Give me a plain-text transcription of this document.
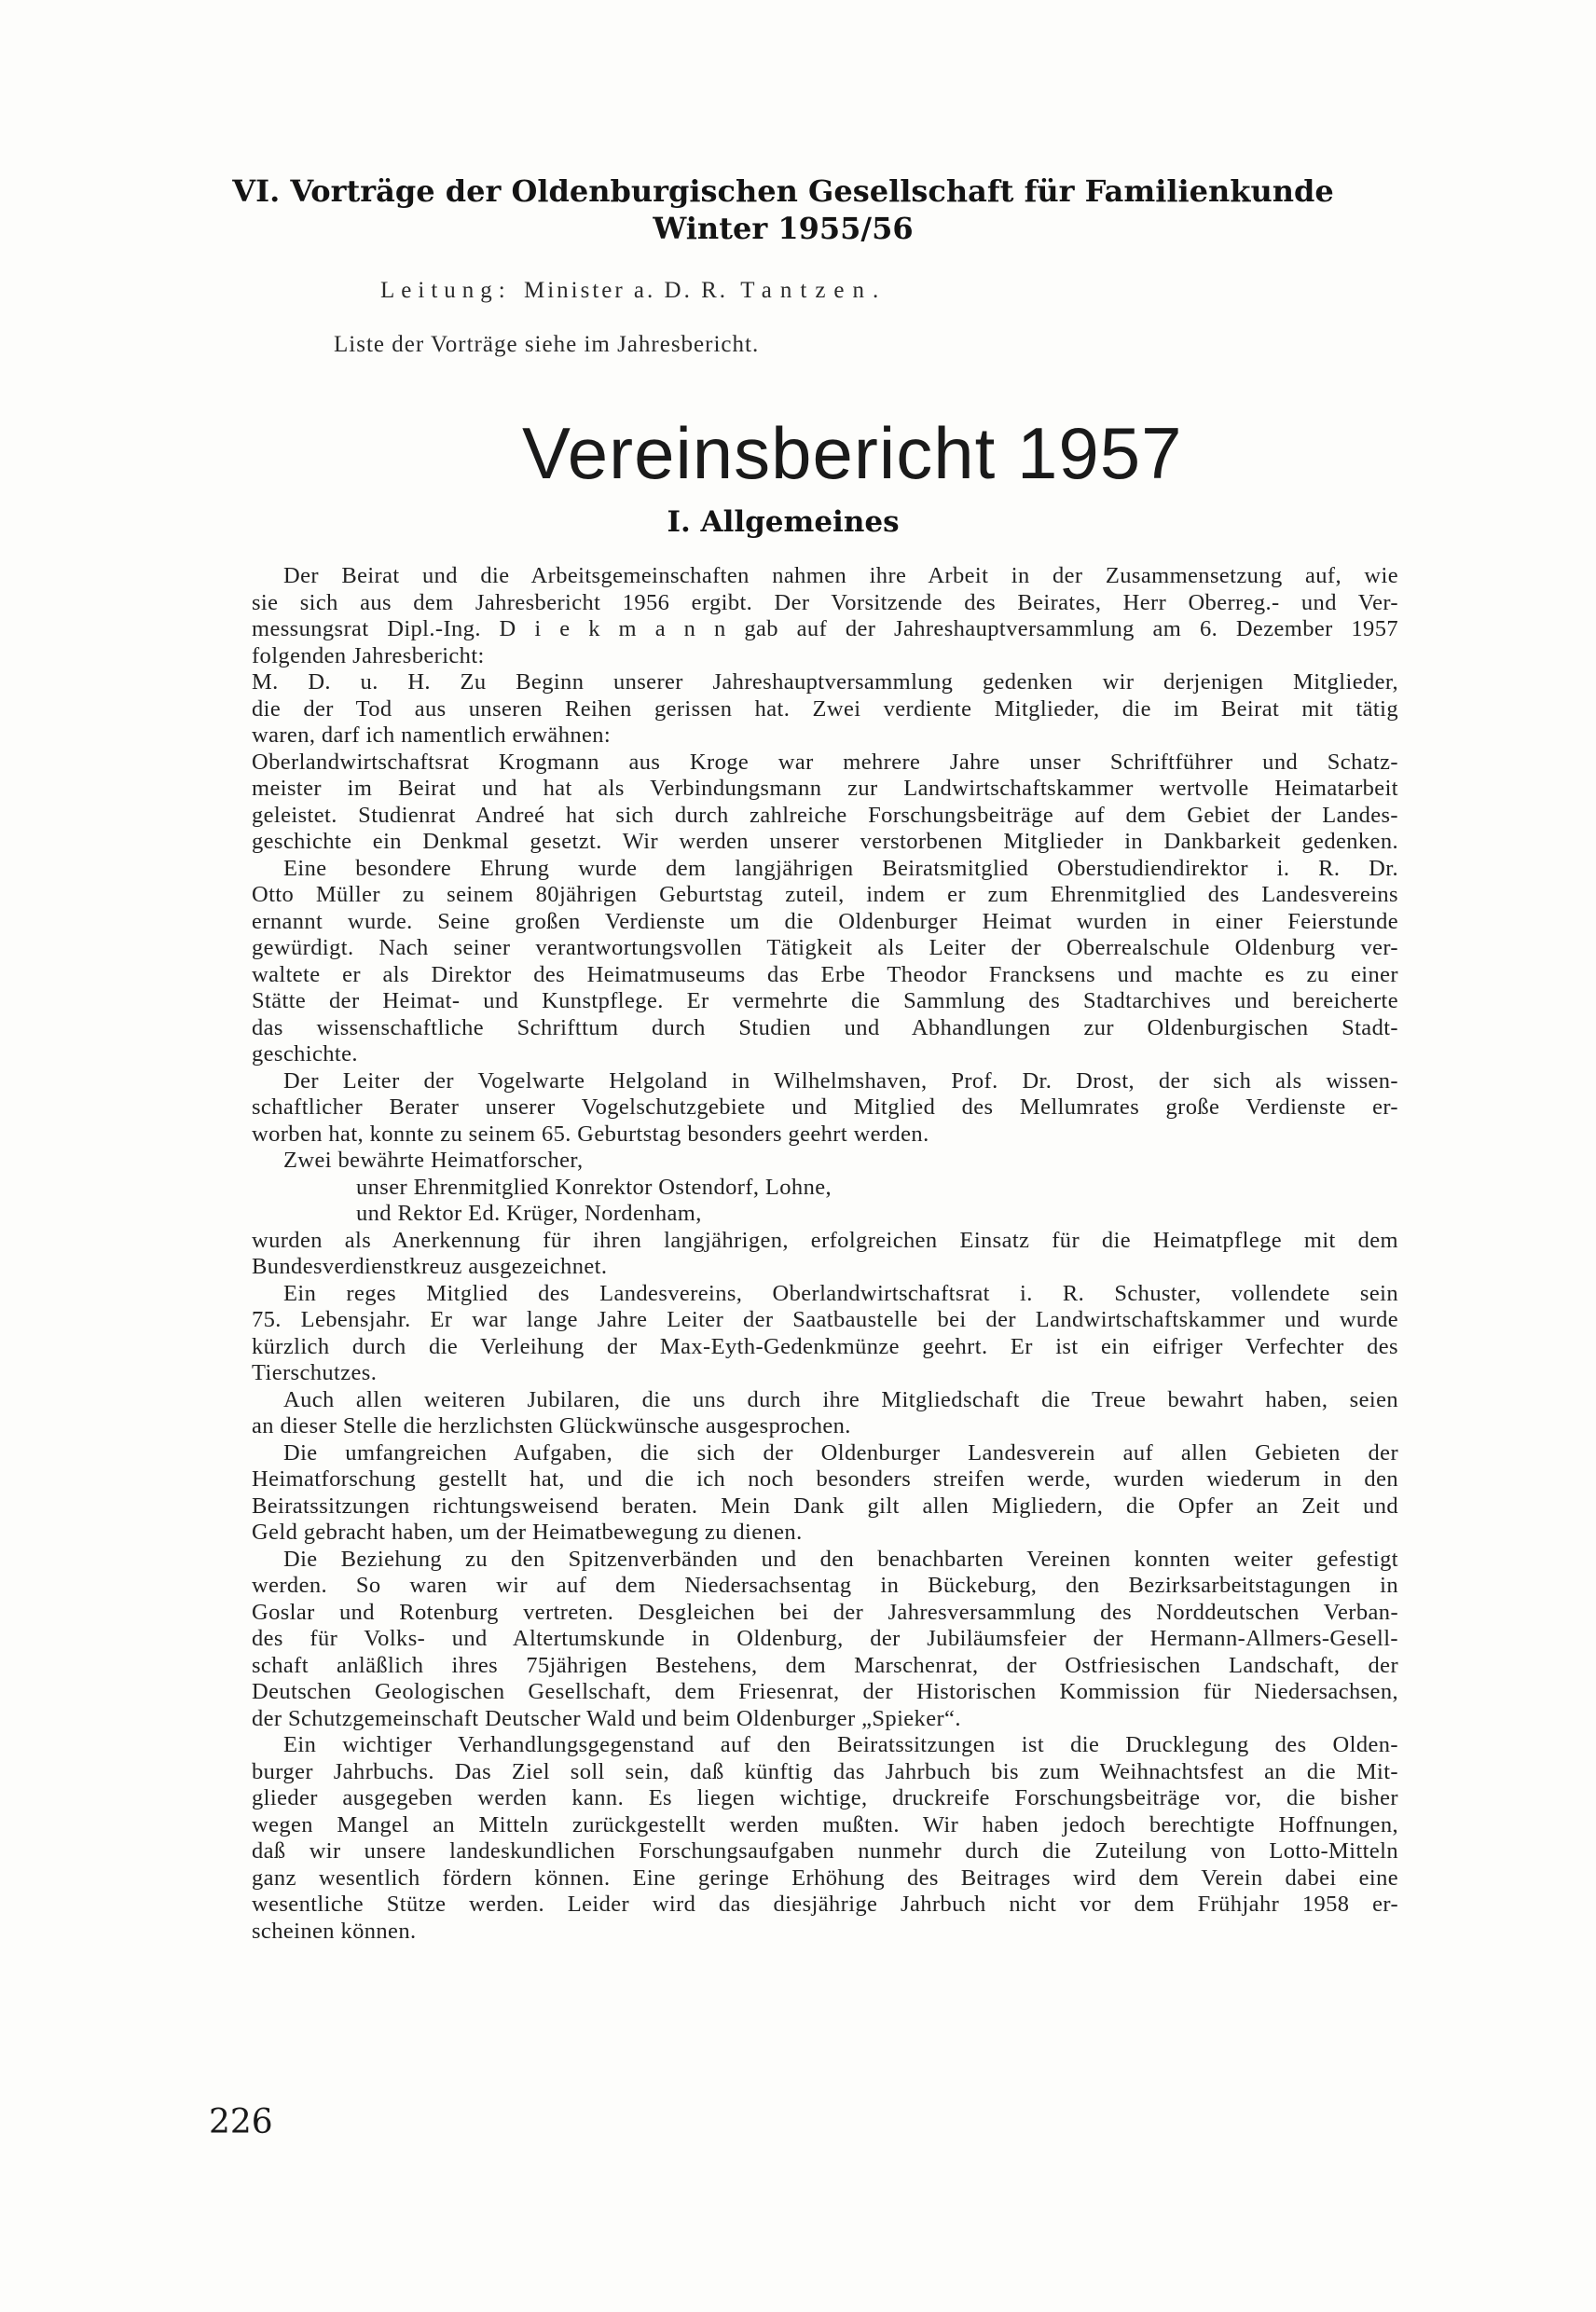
VI. Vorträge der Oldenburgischen Gesellschaft für Familienkunde
Winter 1955/56
Leitung: Minister a. D. R. Tantzen.
Liste der Vorträge siehe im Jahresbericht.
Vereinsbericht 1957
I. Allgemeines
Der Beirat und die Arbeitsgemeinschaften nahmen ihre Arbeit in der Zusammensetzung auf, wie
sie sich aus dem Jahresbericht 1956 ergibt. Der Vorsitzende des Beirates, Herr Oberreg.- und Ver-
messungsrat Dipl.-Ing. D i e k m a n n gab auf der Jahreshauptversammlung am 6. Dezember 1957
folgenden Jahresbericht:
M. D. u. H. Zu Beginn unserer Jahreshauptversammlung gedenken wir derjenigen Mitglieder,
die der Tod aus unseren Reihen gerissen hat. Zwei verdiente Mitglieder, die im Beirat mit tätig
waren, darf ich namentlich erwähnen:
Oberlandwirtschaftsrat Krogmann aus Kroge war mehrere Jahre unser Schriftführer und Schatz-
meister im Beirat und hat als Verbindungsmann zur Landwirtschaftskammer wertvolle Heimatarbeit
geleistet. Studienrat Andreé hat sich durch zahlreiche Forschungsbeiträge auf dem Gebiet der Landes-
geschichte ein Denkmal gesetzt. Wir werden unserer verstorbenen Mitglieder in Dankbarkeit gedenken.
Eine besondere Ehrung wurde dem langjährigen Beiratsmitglied Oberstudiendirektor i. R. Dr.
Otto Müller zu seinem 80jährigen Geburtstag zuteil, indem er zum Ehrenmitglied des Landesvereins
ernannt wurde. Seine großen Verdienste um die Oldenburger Heimat wurden in einer Feierstunde
gewürdigt. Nach seiner verantwortungsvollen Tätigkeit als Leiter der Oberrealschule Oldenburg ver-
waltete er als Direktor des Heimatmuseums das Erbe Theodor Francksens und machte es zu einer
Stätte der Heimat- und Kunstpflege. Er vermehrte die Sammlung des Stadtarchives und bereicherte
das wissenschaftliche Schrifttum durch Studien und Abhandlungen zur Oldenburgischen Stadt-
geschichte.
Der Leiter der Vogelwarte Helgoland in Wilhelmshaven, Prof. Dr. Drost, der sich als wissen-
schaftlicher Berater unserer Vogelschutzgebiete und Mitglied des Mellumrates große Verdienste er-
worben hat, konnte zu seinem 65. Geburtstag besonders geehrt werden.
Zwei bewährte Heimatforscher,
unser Ehrenmitglied Konrektor Ostendorf, Lohne,
und Rektor Ed. Krüger, Nordenham,
wurden als Anerkennung für ihren langjährigen, erfolgreichen Einsatz für die Heimatpflege mit dem
Bundesverdienstkreuz ausgezeichnet.
Ein reges Mitglied des Landesvereins, Oberlandwirtschaftsrat i. R. Schuster, vollendete sein
75. Lebensjahr. Er war lange Jahre Leiter der Saatbaustelle bei der Landwirtschaftskammer und wurde
kürzlich durch die Verleihung der Max-Eyth-Gedenkmünze geehrt. Er ist ein eifriger Verfechter des
Tierschutzes.
Auch allen weiteren Jubilaren, die uns durch ihre Mitgliedschaft die Treue bewahrt haben, seien
an dieser Stelle die herzlichsten Glückwünsche ausgesprochen.
Die umfangreichen Aufgaben, die sich der Oldenburger Landesverein auf allen Gebieten der
Heimatforschung gestellt hat, und die ich noch besonders streifen werde, wurden wiederum in den
Beiratssitzungen richtungsweisend beraten. Mein Dank gilt allen Migliedern, die Opfer an Zeit und
Geld gebracht haben, um der Heimatbewegung zu dienen.
Die Beziehung zu den Spitzenverbänden und den benachbarten Vereinen konnten weiter gefestigt
werden. So waren wir auf dem Niedersachsentag in Bückeburg, den Bezirksarbeitstagungen in
Goslar und Rotenburg vertreten. Desgleichen bei der Jahresversammlung des Norddeutschen Verban-
des für Volks- und Altertumskunde in Oldenburg, der Jubiläumsfeier der Hermann-Allmers-Gesell-
schaft anläßlich ihres 75jährigen Bestehens, dem Marschenrat, der Ostfriesischen Landschaft, der
Deutschen Geologischen Gesellschaft, dem Friesenrat, der Historischen Kommission für Niedersachsen,
der Schutzgemeinschaft Deutscher Wald und beim Oldenburger „Spieker“.
Ein wichtiger Verhandlungsgegenstand auf den Beiratssitzungen ist die Drucklegung des Olden-
burger Jahrbuchs. Das Ziel soll sein, daß künftig das Jahrbuch bis zum Weihnachtsfest an die Mit-
glieder ausgegeben werden kann. Es liegen wichtige, druckreife Forschungsbeiträge vor, die bisher
wegen Mangel an Mitteln zurückgestellt werden mußten. Wir haben jedoch berechtigte Hoffnungen,
daß wir unsere landeskundlichen Forschungsaufgaben nunmehr durch die Zuteilung von Lotto-Mitteln
ganz wesentlich fördern können. Eine geringe Erhöhung des Beitrages wird dem Verein dabei eine
wesentliche Stütze werden. Leider wird das diesjährige Jahrbuch nicht vor dem Frühjahr 1958 er-
scheinen können.
226
